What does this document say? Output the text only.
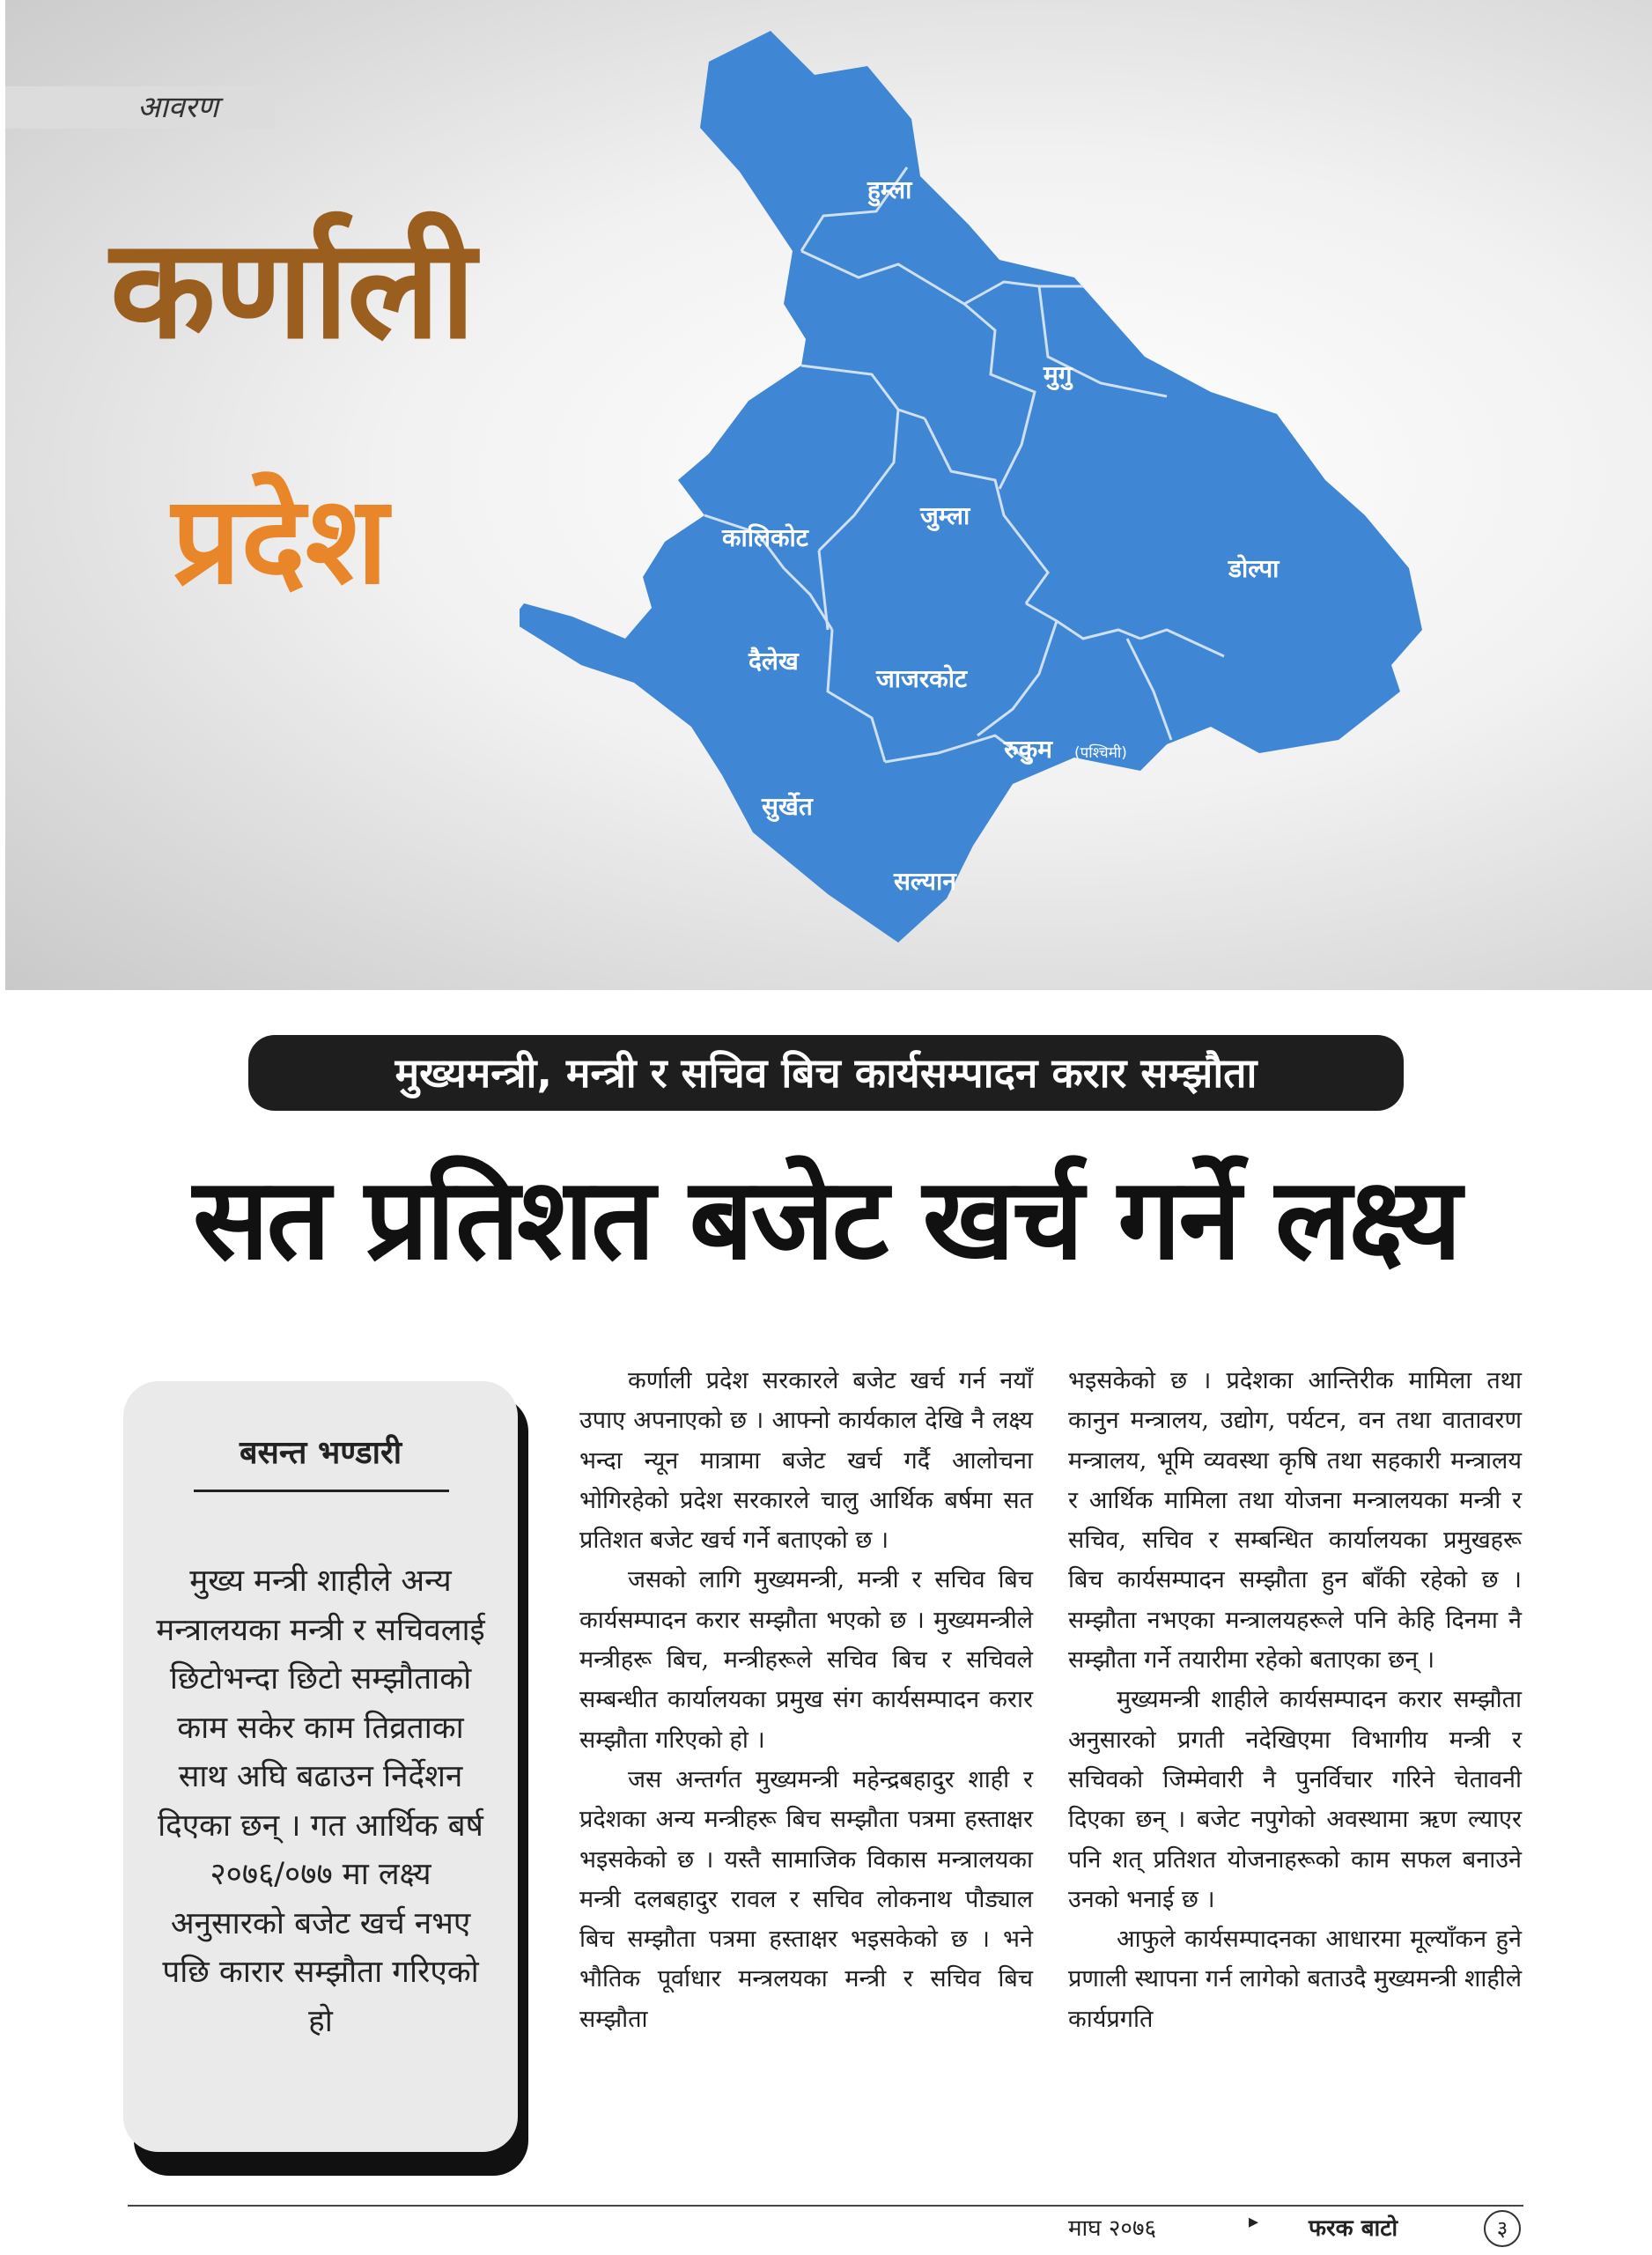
आवरण
कर्णाली
प्रदेश
हुम्ला
मुगु
डोल्पा
जुम्ला
कालिकोट
दैलेख
जाजरकोट
रुकुम (पश्चिमी)
सुर्खेत
सल्यान
मुख्यमन्त्री, मन्त्री र सचिव बिच कार्यसम्पादन करार सम्झौता
सत प्रतिशत बजेट खर्च गर्ने लक्ष्य
बसन्त भण्डारी
मुख्य मन्त्री शाहीले अन्य मन्त्रालयका मन्त्री र सचिवलाई छिटोभन्दा छिटो सम्झौताको काम सकेर काम तिव्रताका साथ अघि बढाउन निर्देशन दिएका छन् । गत आर्थिक बर्ष २०७६/०७७ मा लक्ष्य अनुसारको बजेट खर्च नभए पछि कारार सम्झौता गरिएको हो

कर्णाली प्रदेश सरकारले बजेट खर्च गर्न नयाँ उपाए अपनाएको छ । आफ्नो कार्यकाल देखि नै लक्ष्य भन्दा न्यून मात्रामा बजेट खर्च गर्दै आलोचना भोगिरहेको प्रदेश सरकारले चालु आर्थिक बर्षमा सत प्रतिशत बजेट खर्च गर्ने बताएको छ ।

जसको लागि मुख्यमन्त्री, मन्त्री र सचिव बिच कार्यसम्पादन करार सम्झौता भएको छ । मुख्यमन्त्रीले मन्त्रीहरू बिच, मन्त्रीहरूले सचिव बिच र सचिवले सम्बन्धीत कार्यालयका प्रमुख संग कार्यसम्पादन करार सम्झौता गरिएको हो ।

जस अन्तर्गत मुख्यमन्त्री महेन्द्रबहादुर शाही र प्रदेशका अन्य मन्त्रीहरू बिच सम्झौता पत्रमा हस्ताक्षर भइसकेको छ । यस्तै सामाजिक विकास मन्त्रालयका मन्त्री दलबहादुर रावल र सचिव लोकनाथ पौड्याल बिच सम्झौता पत्रमा हस्ताक्षर भइसकेको छ । भने भौतिक पूर्वाधार मन्त्रलयका मन्त्री र सचिव बिच सम्झौता

भइसकेको छ । प्रदेशका आन्तिरीक मामिला तथा कानुन मन्त्रालय, उद्योग, पर्यटन, वन तथा वातावरण मन्त्रालय, भूमि व्यवस्था कृषि तथा सहकारी मन्त्रालय र आर्थिक मामिला तथा योजना मन्त्रालयका मन्त्री र सचिव, सचिव र सम्बन्धित कार्यालयका प्रमुखहरू बिच कार्यसम्पादन सम्झौता हुन बाँकी रहेको छ । सम्झौता नभएका मन्त्रालयहरूले पनि केहि दिनमा नै सम्झौता गर्ने तयारीमा रहेको बताएका छन् ।

मुख्यमन्त्री शाहीले कार्यसम्पादन करार सम्झौता अनुसारको प्रगती नदेखिएमा विभागीय मन्त्री र सचिवको जिम्मेवारी नै पुनर्विचार गरिने चेतावनी दिएका छन् । बजेट नपुगेको अवस्थामा ऋण ल्याएर पनि शत् प्रतिशत योजनाहरूको काम सफल बनाउने उनको भनाई छ ।

आफुले कार्यसम्पादनका आधारमा मूल्याँकन हुने प्रणाली स्थापना गर्न लागेको बताउदै मुख्यमन्त्री शाहीले कार्यप्रगति

माघ २०७६	▸ फरक बाटो	३
